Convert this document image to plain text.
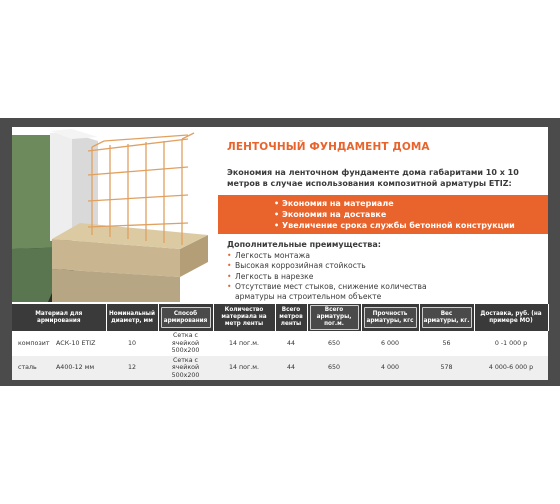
ЛЕНТОЧНЫЙ ФУНДАМЕНТ ДОМА
Экономия на ленточном фундаменте дома габаритами 10 х 10 метров в случае использования композитной арматуры ETIZ:
• Экономия на материале
• Экономия на доставке
• Увеличение срока службы бетонной конструкции
Дополнительные преимущества:
• Легкость монтажа
• Высокая коррозийная стойкость
• Легкость в нарезке
• Отсутствие мест стыков, снижение количества
арматуры на строительном объекте
Материал для армирования	Номинальный диаметр, мм	Способ армирования	Количество материала на метр ленты	Всего метров ленты	Всего арматуры, пог.м.	Прочность арматуры, кгс	Вес арматуры, кг.	Доставка, руб. (на примере МО)
композит АСК-10 ETIZ	10	Сетка с ячейкой 500х200	14 пог.м.	44	650	6 000	56	0 -1 000 р
сталь А400-12 мм	12	Сетка с ячейкой 500х200	14 пог.м.	44	650	4 000	578	4 000-6 000 р
